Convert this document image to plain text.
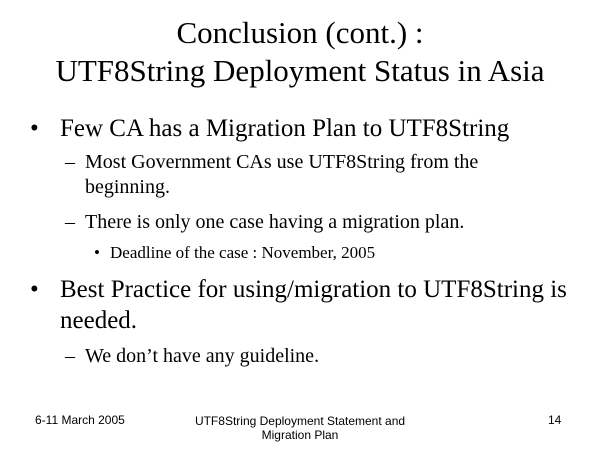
Conclusion (cont.) :
UTF8String Deployment Status in Asia
• Few CA has a Migration Plan to UTF8String
– Most Government CAs use UTF8String from the beginning.
– There is only one case having a migration plan.
• Deadline of the case : November, 2005
• Best Practice for using/migration to UTF8String is needed.
– We don’t have any guideline.
6-11 March 2005	UTF8String Deployment Statement and Migration Plan
14
